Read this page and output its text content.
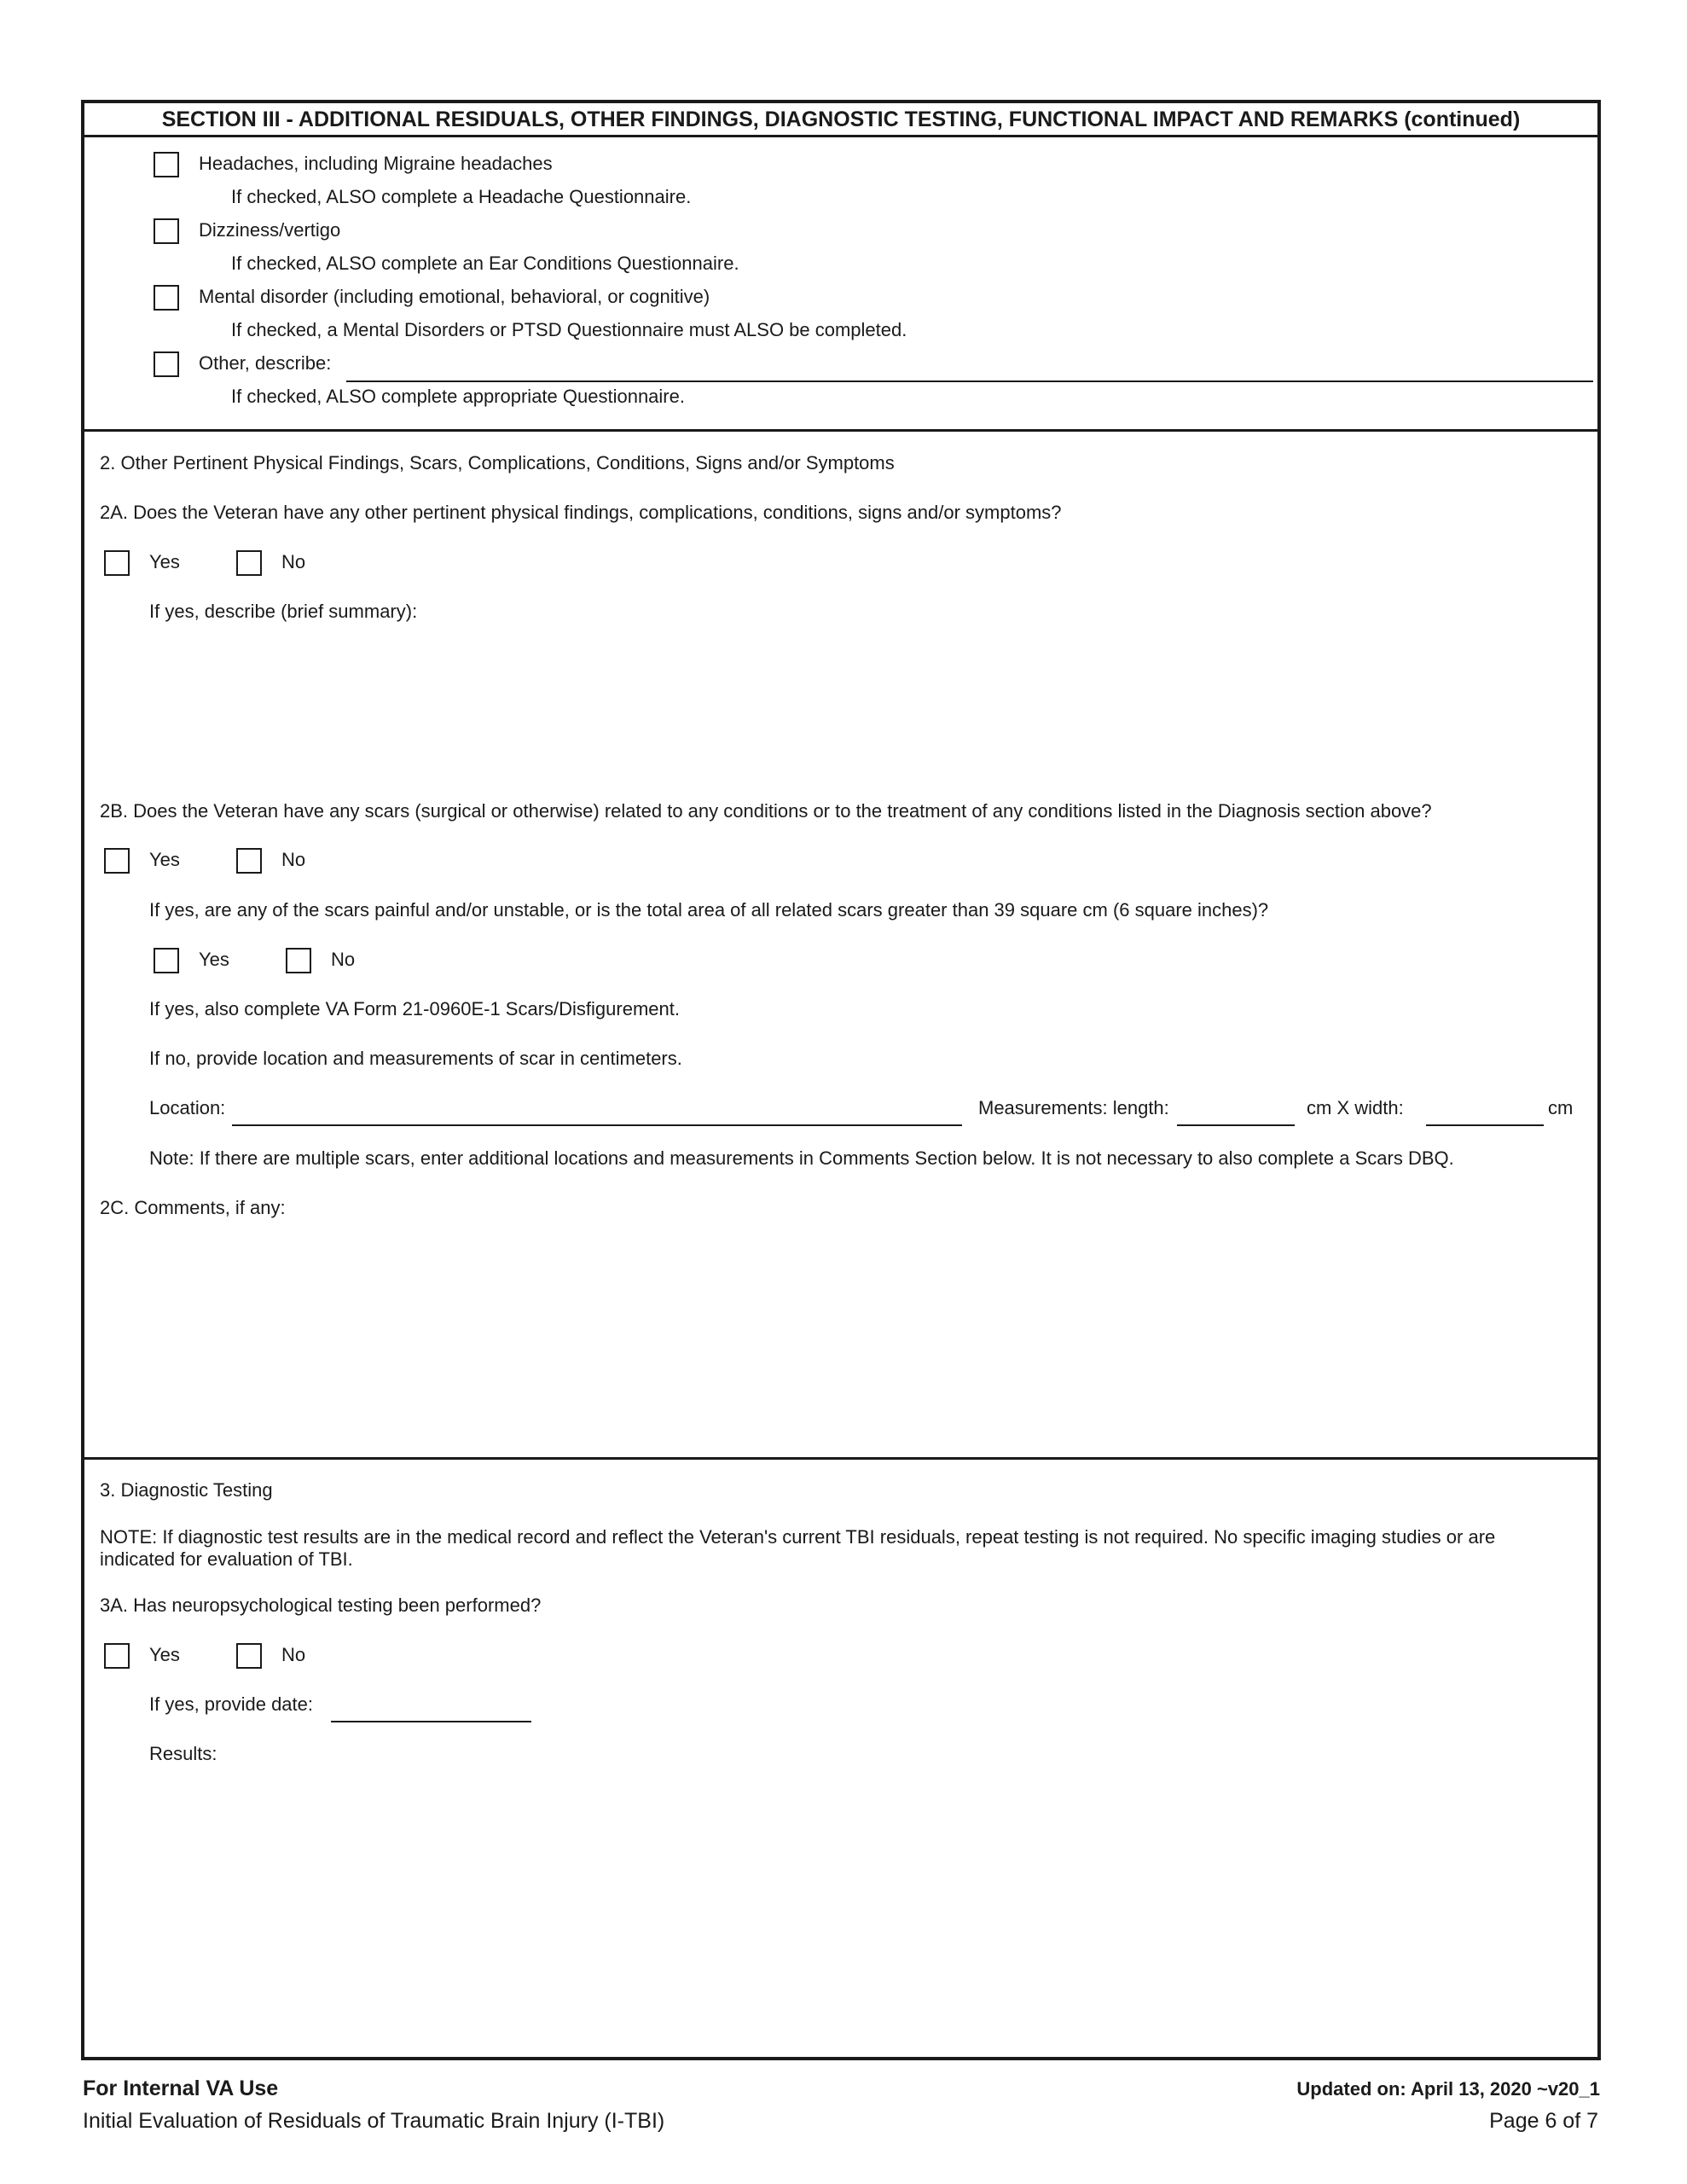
SECTION III - ADDITIONAL RESIDUALS, OTHER FINDINGS, DIAGNOSTIC TESTING, FUNCTIONAL IMPACT AND REMARKS (continued)
Headaches, including Migraine headaches
If checked, ALSO complete a Headache Questionnaire.
Dizziness/vertigo
If checked, ALSO complete an Ear Conditions Questionnaire.
Mental disorder (including emotional, behavioral, or cognitive)
If checked, a Mental Disorders or PTSD Questionnaire must ALSO be completed.
Other, describe:
If checked, ALSO complete appropriate Questionnaire.
2. Other Pertinent Physical Findings, Scars, Complications, Conditions, Signs and/or Symptoms
2A. Does the Veteran have any other pertinent physical findings, complications, conditions, signs and/or symptoms?
Yes	No
If yes, describe (brief summary):
2B. Does the Veteran have any scars (surgical or otherwise) related to any conditions or to the treatment of any conditions listed in the Diagnosis section above?
Yes	No
If yes, are any of the scars painful and/or unstable, or is the total area of all related scars greater than 39 square cm (6 square inches)?
Yes	No
If yes, also complete VA Form 21-0960E-1 Scars/Disfigurement.
If no, provide location and measurements of scar in centimeters.
Location:	Measurements: length:	cm X width:	cm
Note: If there are multiple scars, enter additional locations and measurements in Comments Section below. It is not necessary to also complete a Scars DBQ.
2C. Comments, if any:
3. Diagnostic Testing
NOTE: If diagnostic test results are in the medical record and reflect the Veteran's current TBI residuals, repeat testing is not required. No specific imaging studies or are
indicated for evaluation of TBI.
3A. Has neuropsychological testing been performed?
Yes	No
If yes, provide date:
Results:
For Internal VA Use
Initial Evaluation of Residuals of Traumatic Brain Injury (I-TBI)
Updated on: April 13, 2020 ~v20_1
Page 6 of 7
